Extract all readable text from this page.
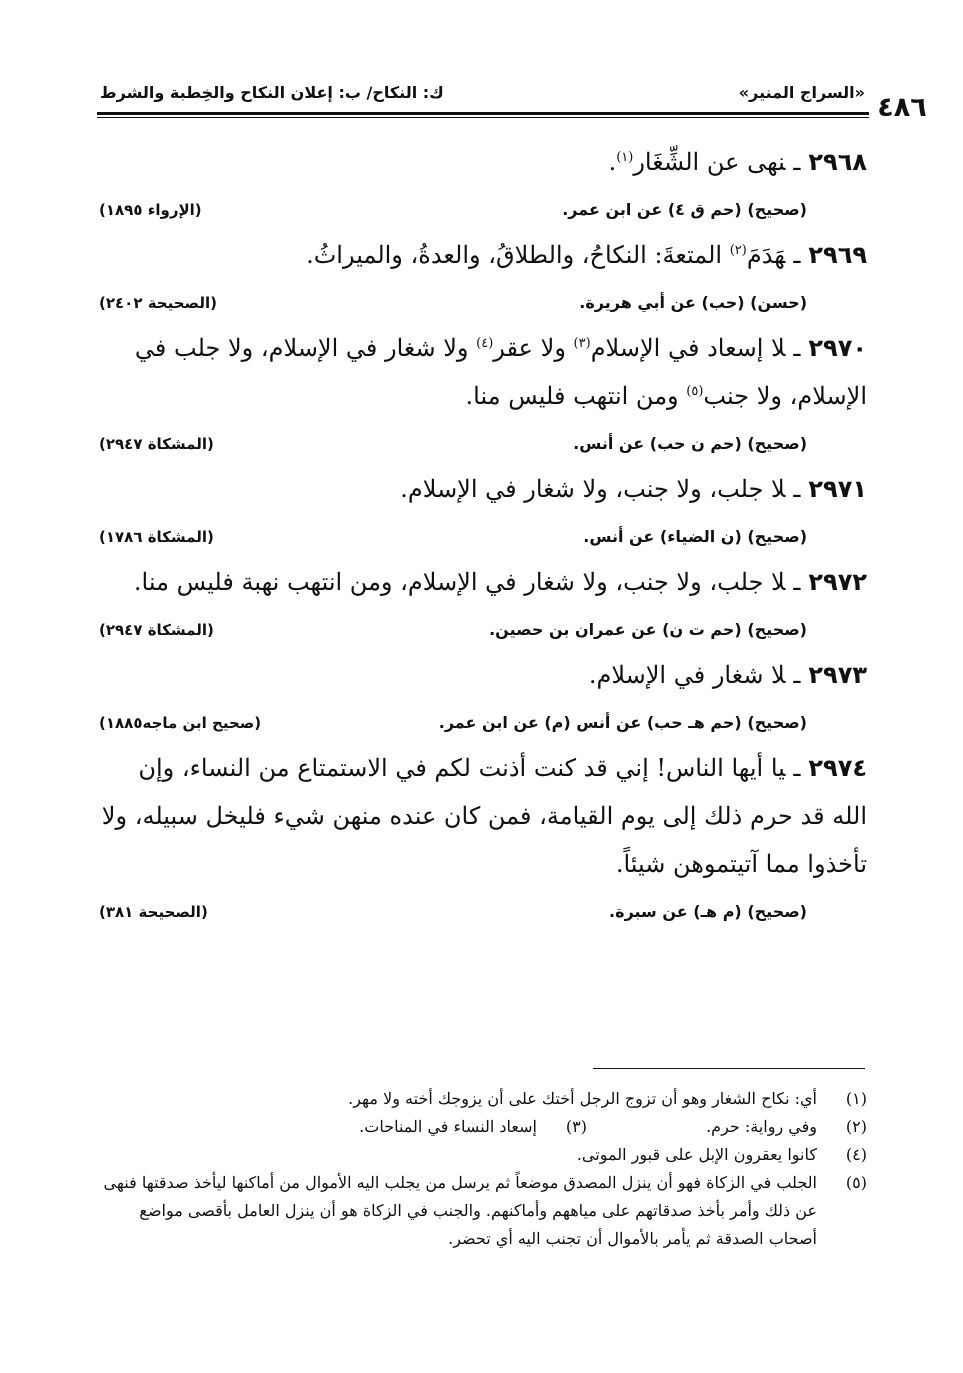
«السراج المنير»
ك: النكاح/ ب: إعلان النكاح والخِطبة والشرط	٤٨٦
٢٩٦٨ـنهى عن الشِّغَار$^{(١)}$.
(صحيح) (حم ق ٤) عن ابن عمر.
(الإرواء ١٨٩٥)
٢٩٦٩ـهَدَمَ$^{(٢)}$ المتعةَ: النكاحُ، والطلاقُ، والعدةُ، والميراثُ.
(حسن) (حب) عن أبي هريرة.
(الصحيحة ٢٤٠٢)
٢٩٧٠ـلا إسعاد في الإسلام$^{(٣)}$ ولا عقر$^{(٤)}$ ولا شغار في الإسلام، ولا جلب في الإسلام، ولا جنب$^{(٥)}$ ومن انتهب فليس منا.
(صحيح) (حم ن حب) عن أنس.
(المشكاة ٢٩٤٧)
٢٩٧١ـلا جلب، ولا جنب، ولا شغار في الإسلام.
(صحيح) (ن الضياء) عن أنس.
(المشكاة ١٧٨٦)
٢٩٧٢ـلا جلب، ولا جنب، ولا شغار في الإسلام، ومن انتهب نهبة فليس منا.
(صحيح) (حم ت ن) عن عمران بن حصين.
(المشكاة ٢٩٤٧)
٢٩٧٣ـلا شغار في الإسلام.
(صحيح) (حم هـ حب) عن أنس (م) عن ابن عمر.
(صحيح ابن ماجه١٨٨٥)
٢٩٧٤ـيا أيها الناس! إني قد كنت أذنت لكم في الاستمتاع من النساء، وإن الله قد حرم ذلك إلى يوم القيامة، فمن كان عنده منهن شيء فليخل سبيله، ولا تأخذوا مما آتيتموهن شيئاً.
(صحيح) (م هـ) عن سبرة.
(الصحيحة ٣٨١)
(١)
أي: نكاح الشغار وهو أن تزوج الرجل أختك على أن يزوجك أخته ولا مهر.
(٢)
وفي رواية: حرم.
(٣)
إسعاد النساء في المناحات.
(٤)
كانوا يعقرون الإبل على قبور الموتى.
(٥)
الجلب في الزكاة فهو أن ينزل المصدق موضعاً ثم يرسل من يجلب اليه الأموال من أماكنها ليأخذ صدقتها فنهى عن ذلك وأمر بأخذ صدقاتهم على مياههم وأماكنهم. والجنب في الزكاة هو أن ينزل العامل بأقصى مواضع أصحاب الصدقة ثم يأمر بالأموال أن تجنب اليه أي تحضر.
